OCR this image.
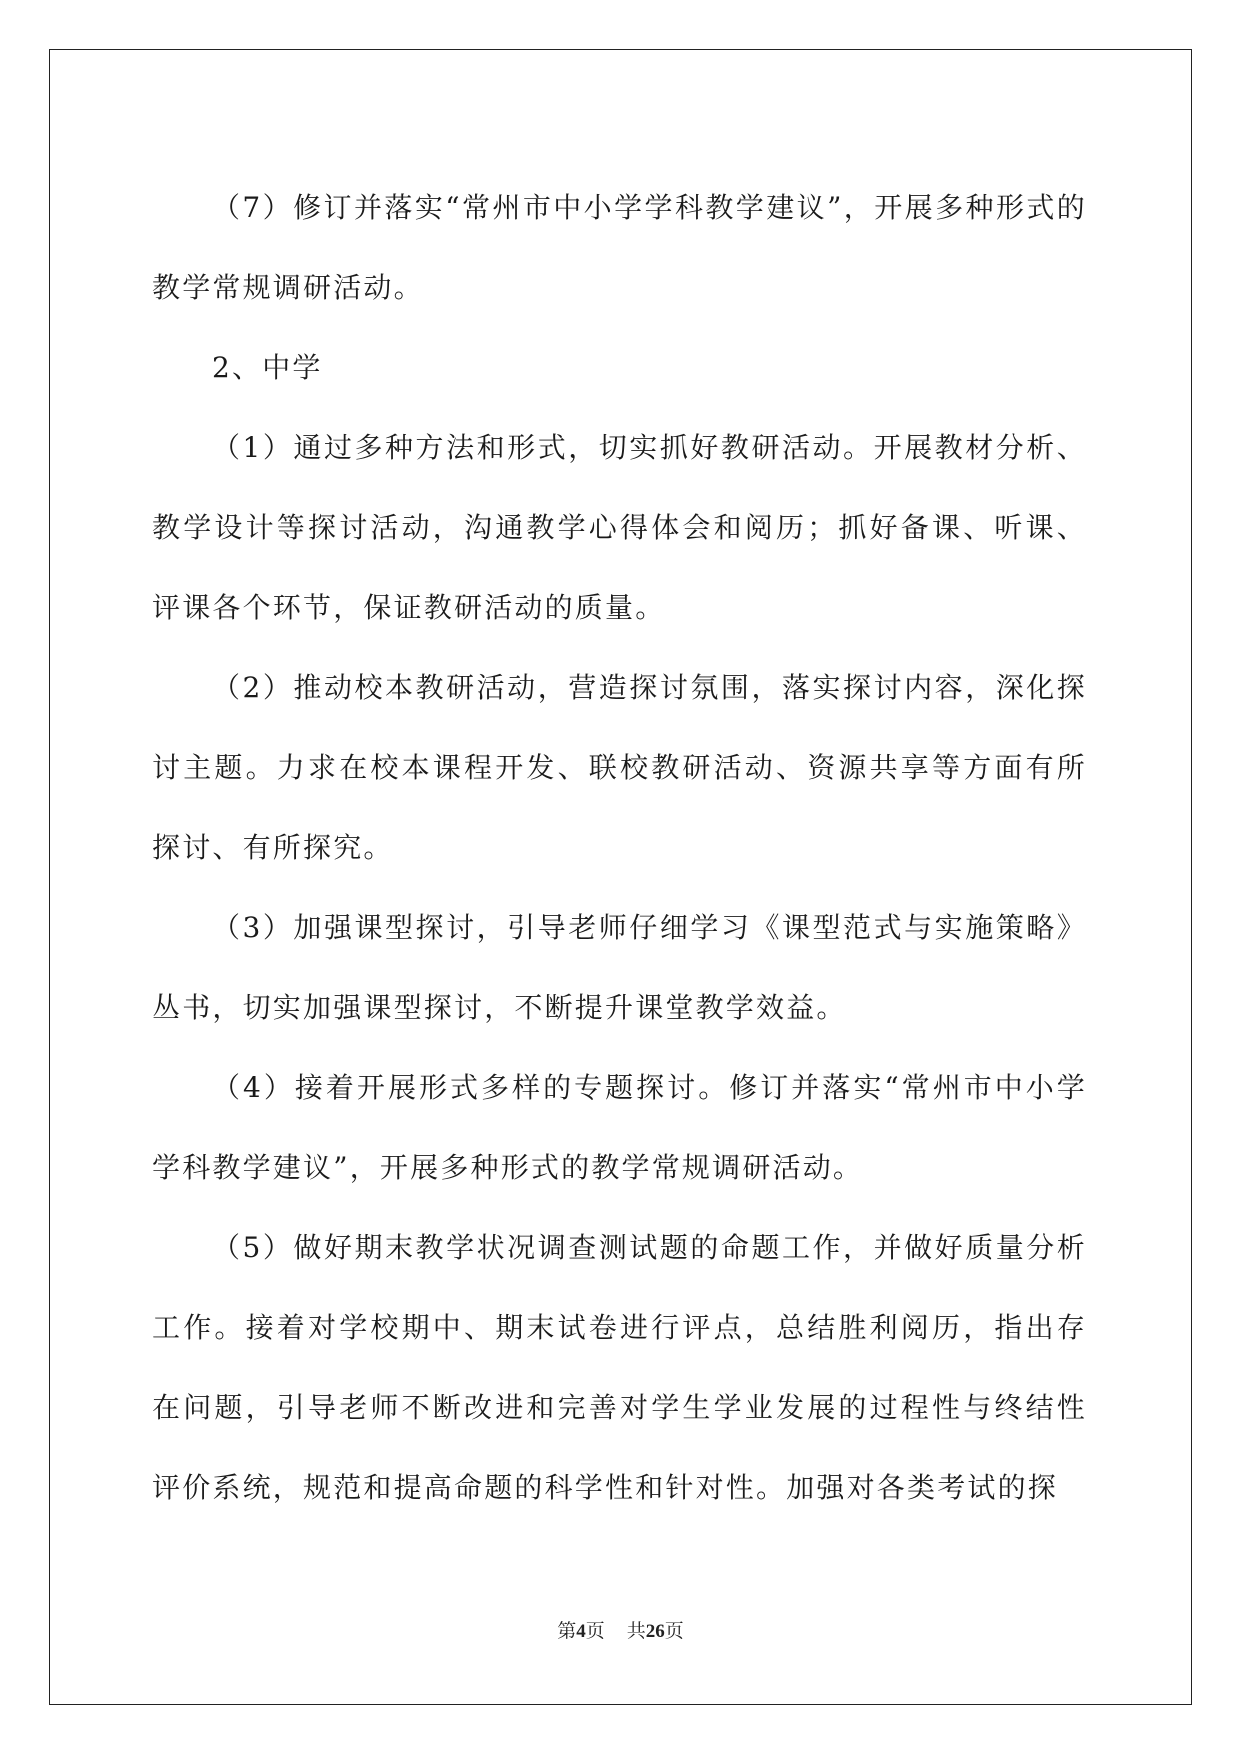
（7）修订并落实“常州市中小学学科教学建议”，开展多种形式的教学常规调研活动。

2、中学

（1）通过多种方法和形式，切实抓好教研活动。开展教材分析、教学设计等探讨活动，沟通教学心得体会和阅历；抓好备课、听课、评课各个环节，保证教研活动的质量。

（2）推动校本教研活动，营造探讨氛围，落实探讨内容，深化探讨主题。力求在校本课程开发、联校教研活动、资源共享等方面有所探讨、有所探究。

（3）加强课型探讨，引导老师仔细学习《课型范式与实施策略》丛书，切实加强课型探讨，不断提升课堂教学效益。

（4）接着开展形式多样的专题探讨。修订并落实“常州市中小学学科教学建议”，开展多种形式的教学常规调研活动。

（5）做好期末教学状况调查测试题的命题工作，并做好质量分析工作。接着对学校期中、期末试卷进行评点，总结胜利阅历，指出存在问题，引导老师不断改进和完善对学生学业发展的过程性与终结性评价系统，规范和提高命题的科学性和针对性。加强对各类考试的探

第4页 共26页
